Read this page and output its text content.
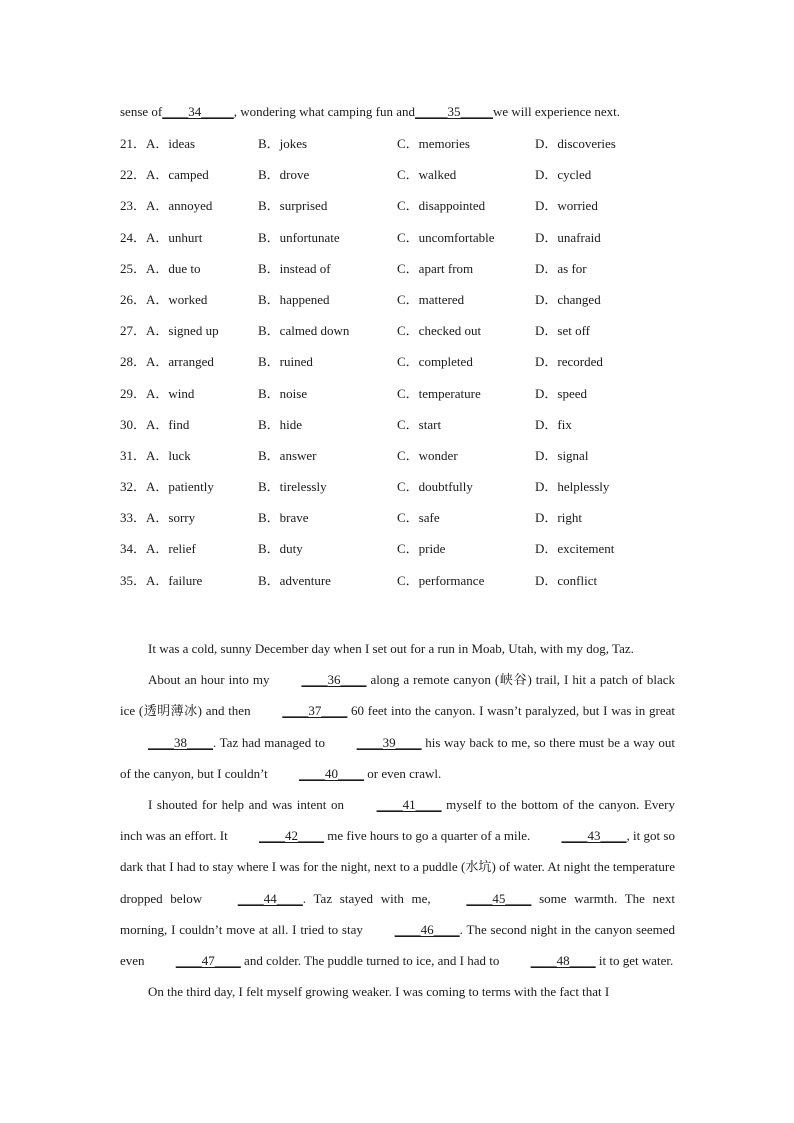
sense of____34_____, wondering what camping fun and_____35_____we will experience next.
21．A．ideas	B．jokes	C．memories	D．discoveries
22．A．camped	B．drove	C．walked	D．cycled
23．A．annoyed	B．surprised	C．disappointed	D．worried
24．A．unhurt	B．unfortunate	C．uncomfortable	D．unafraid
25．A．due to	B．instead of	C．apart from	D．as for
26．A．worked	B．happened	C．mattered	D．changed
27．A．signed up	B．calmed down	C．checked out	D．set off
28．A．arranged	B．ruined	C．completed	D．recorded
29．A．wind	B．noise	C．temperature	D．speed
30．A．find	B．hide	C．start	D．fix
31．A．luck	B．answer	C．wonder	D．signal
32．A．patiently	B．tirelessly	C．doubtfully	D．helplessly
33．A．sorry	B．brave	C．safe	D．right
34．A．relief	B．duty	C．pride	D．excitement
35．A．failure	B．adventure	C．performance	D．conflict

It was a cold, sunny December day when I set out for a run in Moab, Utah, with my dog, Taz.

About an hour into my ____36____ along a remote canyon (峡谷) trail, I hit a patch of black ice (透明薄冰) and then ____37____ 60 feet into the canyon. I wasn’t paralyzed, but I was in great ____38____. Taz had managed to ____39____ his way back to me, so there must be a way out of the canyon, but I couldn’t ____40____ or even crawl.

I shouted for help and was intent on ____41____ myself to the bottom of the canyon. Every inch was an effort. It ____42____ me five hours to go a quarter of a mile. ____43____, it got so dark that I had to stay where I was for the night, next to a puddle (水坑) of water. At night the temperature dropped below ____44____. Taz stayed with me, ____45____ some warmth. The next morning, I couldn’t move at all. I tried to stay ____46____. The second night in the canyon seemed even ____47____ and colder. The puddle turned to ice, and I had to ____48____ it to get water.

On the third day, I felt myself growing weaker. I was coming to terms with the fact that I
